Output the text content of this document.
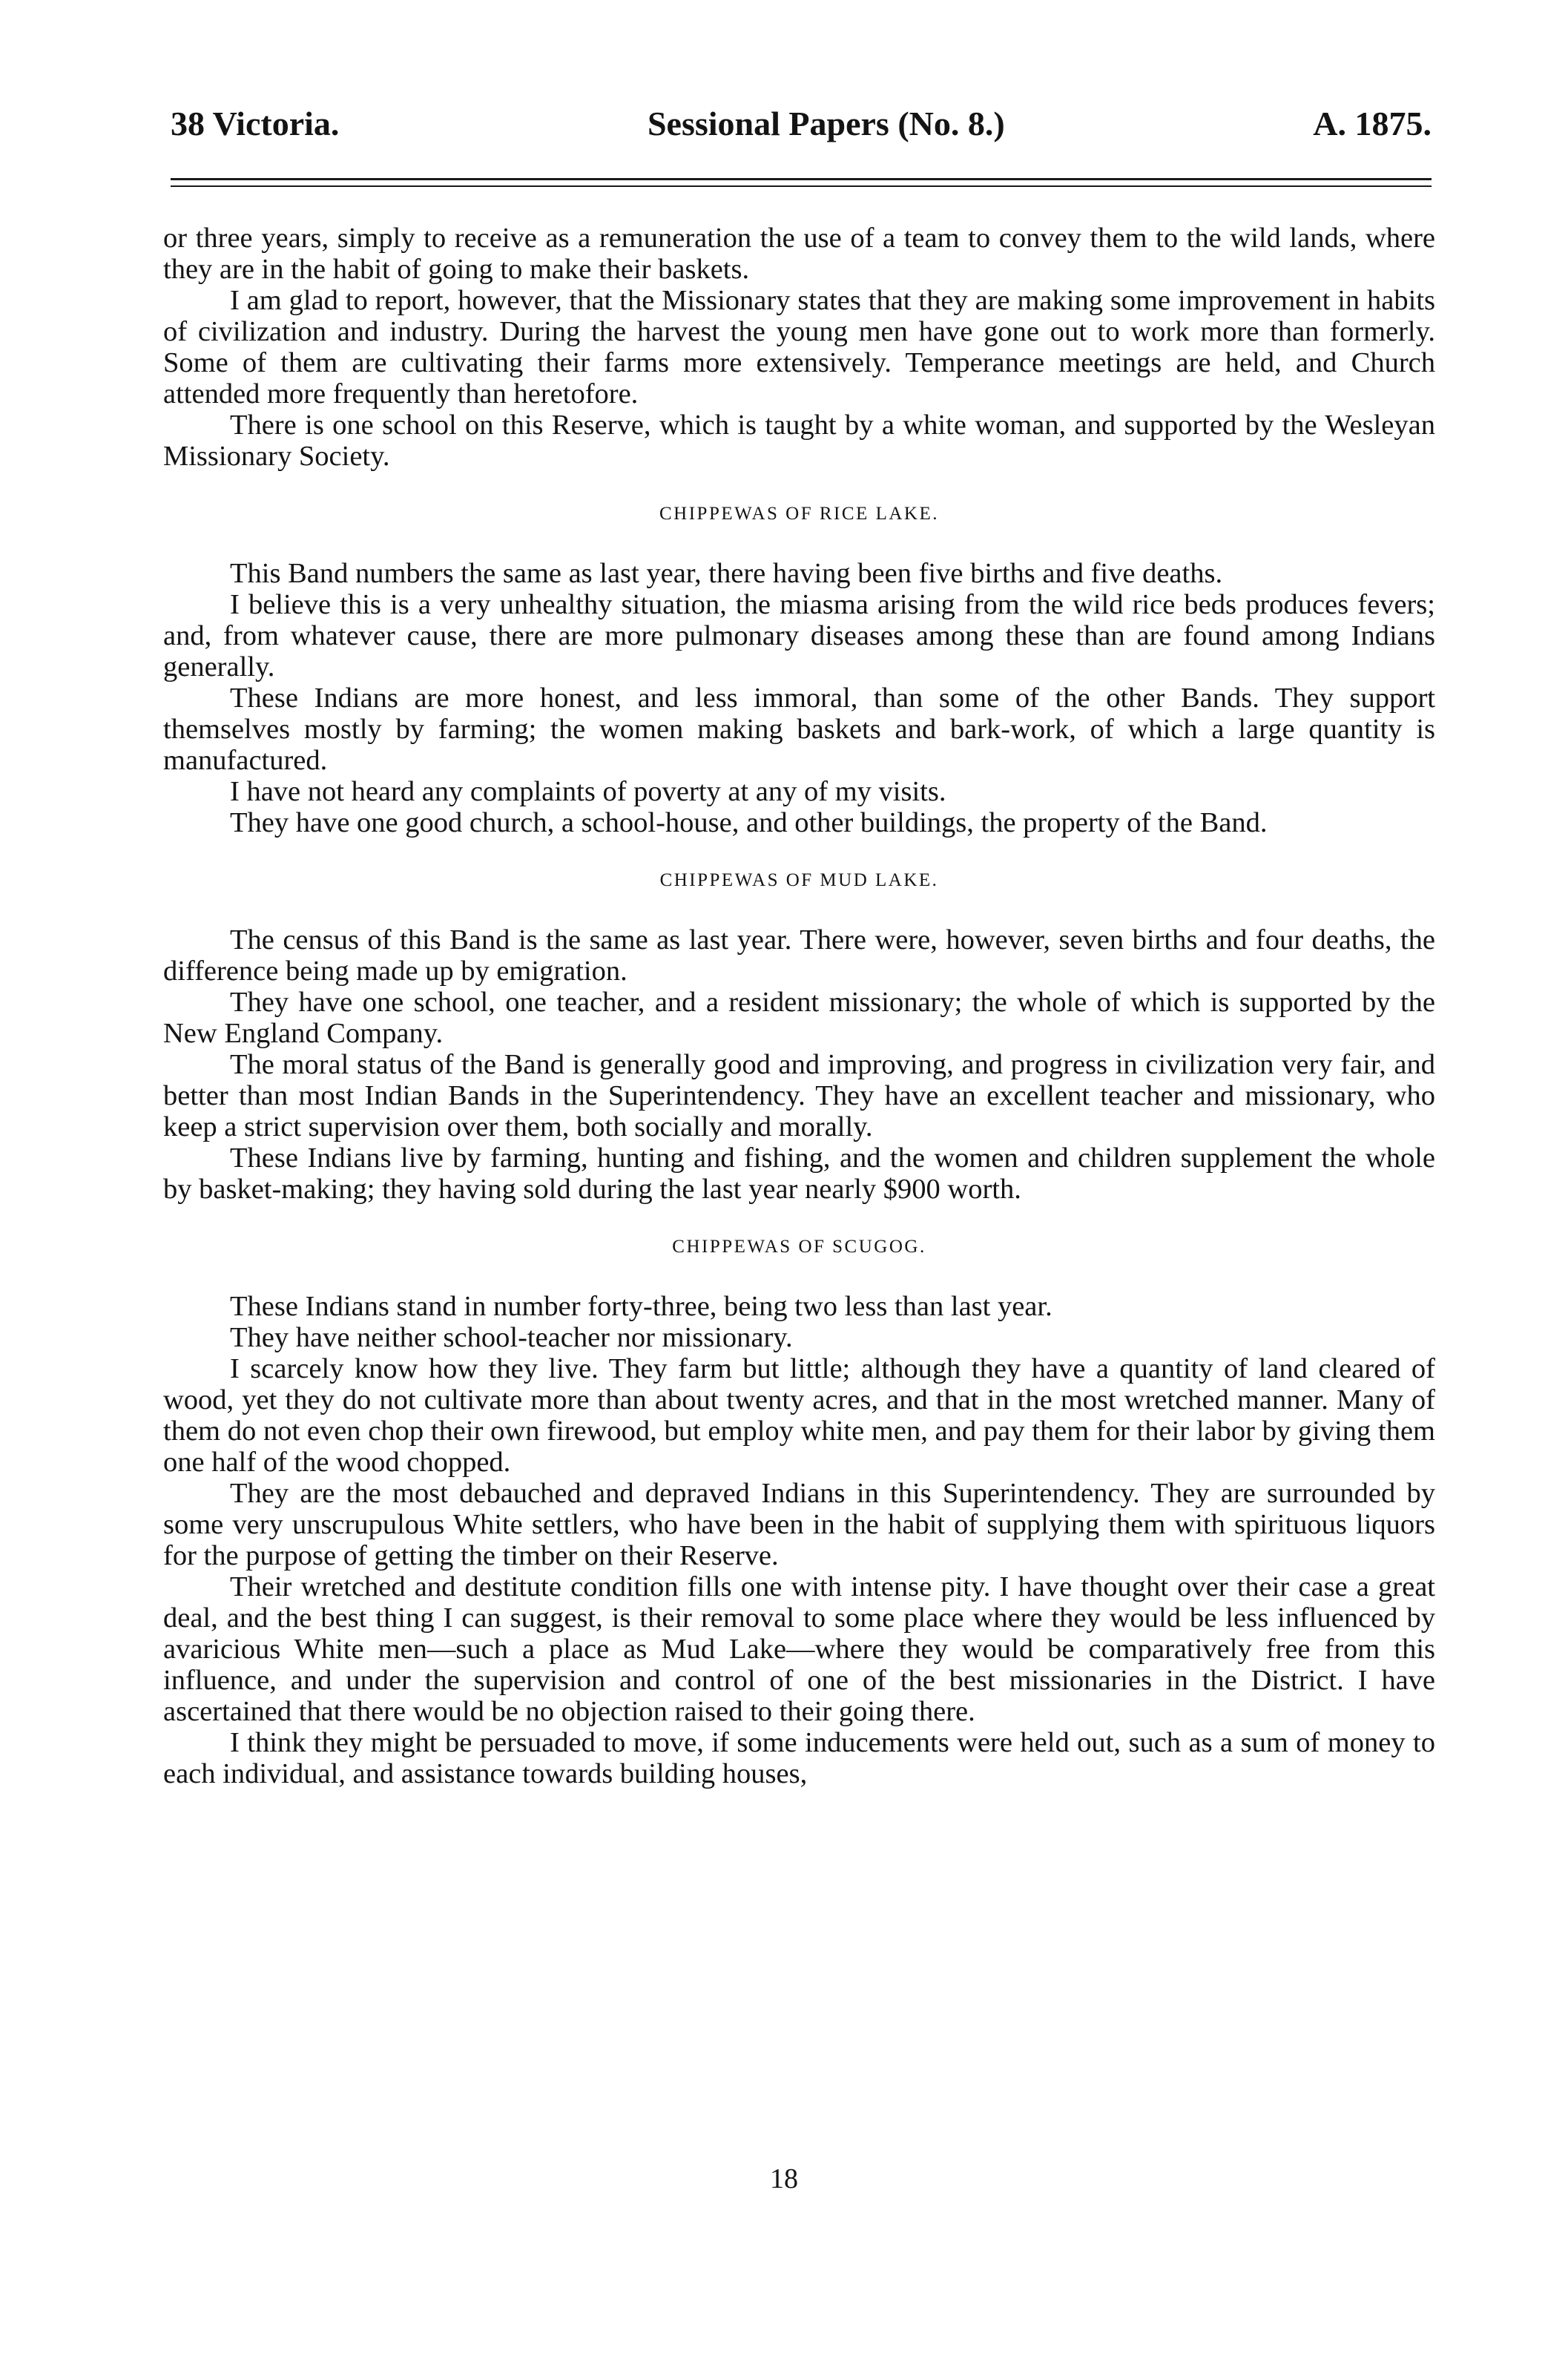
38 Victoria.	Sessional Papers (No. 8.)	A. 1875.

or three years, simply to receive as a remuneration the use of a team to convey them to the wild lands, where they are in the habit of going to make their baskets.

I am glad to report, however, that the Missionary states that they are making some improvement in habits of civilization and industry. During the harvest the young men have gone out to work more than formerly. Some of them are cultivating their farms more extensively. Temperance meetings are held, and Church attended more frequently than heretofore.

There is one school on this Reserve, which is taught by a white woman, and supported by the Wesleyan Missionary Society.

CHIPPEWAS OF RICE LAKE.

This Band numbers the same as last year, there having been five births and five deaths.

I believe this is a very unhealthy situation, the miasma arising from the wild rice beds produces fevers; and, from whatever cause, there are more pulmonary diseases among these than are found among Indians generally.

These Indians are more honest, and less immoral, than some of the other Bands. They support themselves mostly by farming; the women making baskets and bark-work, of which a large quantity is manufactured.

I have not heard any complaints of poverty at any of my visits.

They have one good church, a school-house, and other buildings, the property of the Band.

CHIPPEWAS OF MUD LAKE.

The census of this Band is the same as last year. There were, however, seven births and four deaths, the difference being made up by emigration.

They have one school, one teacher, and a resident missionary; the whole of which is supported by the New England Company.

The moral status of the Band is generally good and improving, and progress in civilization very fair, and better than most Indian Bands in the Superintendency. They have an excellent teacher and missionary, who keep a strict supervision over them, both socially and morally.

These Indians live by farming, hunting and fishing, and the women and children supplement the whole by basket-making; they having sold during the last year nearly $900 worth.

CHIPPEWAS OF SCUGOG.

These Indians stand in number forty-three, being two less than last year.

They have neither school-teacher nor missionary.

I scarcely know how they live. They farm but little; although they have a quantity of land cleared of wood, yet they do not cultivate more than about twenty acres, and that in the most wretched manner. Many of them do not even chop their own firewood, but employ white men, and pay them for their labor by giving them one half of the wood chopped.

They are the most debauched and depraved Indians in this Superintendency. They are surrounded by some very unscrupulous White settlers, who have been in the habit of supplying them with spirituous liquors for the purpose of getting the timber on their Reserve.

Their wretched and destitute condition fills one with intense pity. I have thought over their case a great deal, and the best thing I can suggest, is their removal to some place where they would be less influenced by avaricious White men—such a place as Mud Lake—where they would be comparatively free from this influence, and under the supervision and control of one of the best missionaries in the District. I have ascertained that there would be no objection raised to their going there.

I think they might be persuaded to move, if some inducements were held out, such as a sum of money to each individual, and assistance towards building houses,

18
